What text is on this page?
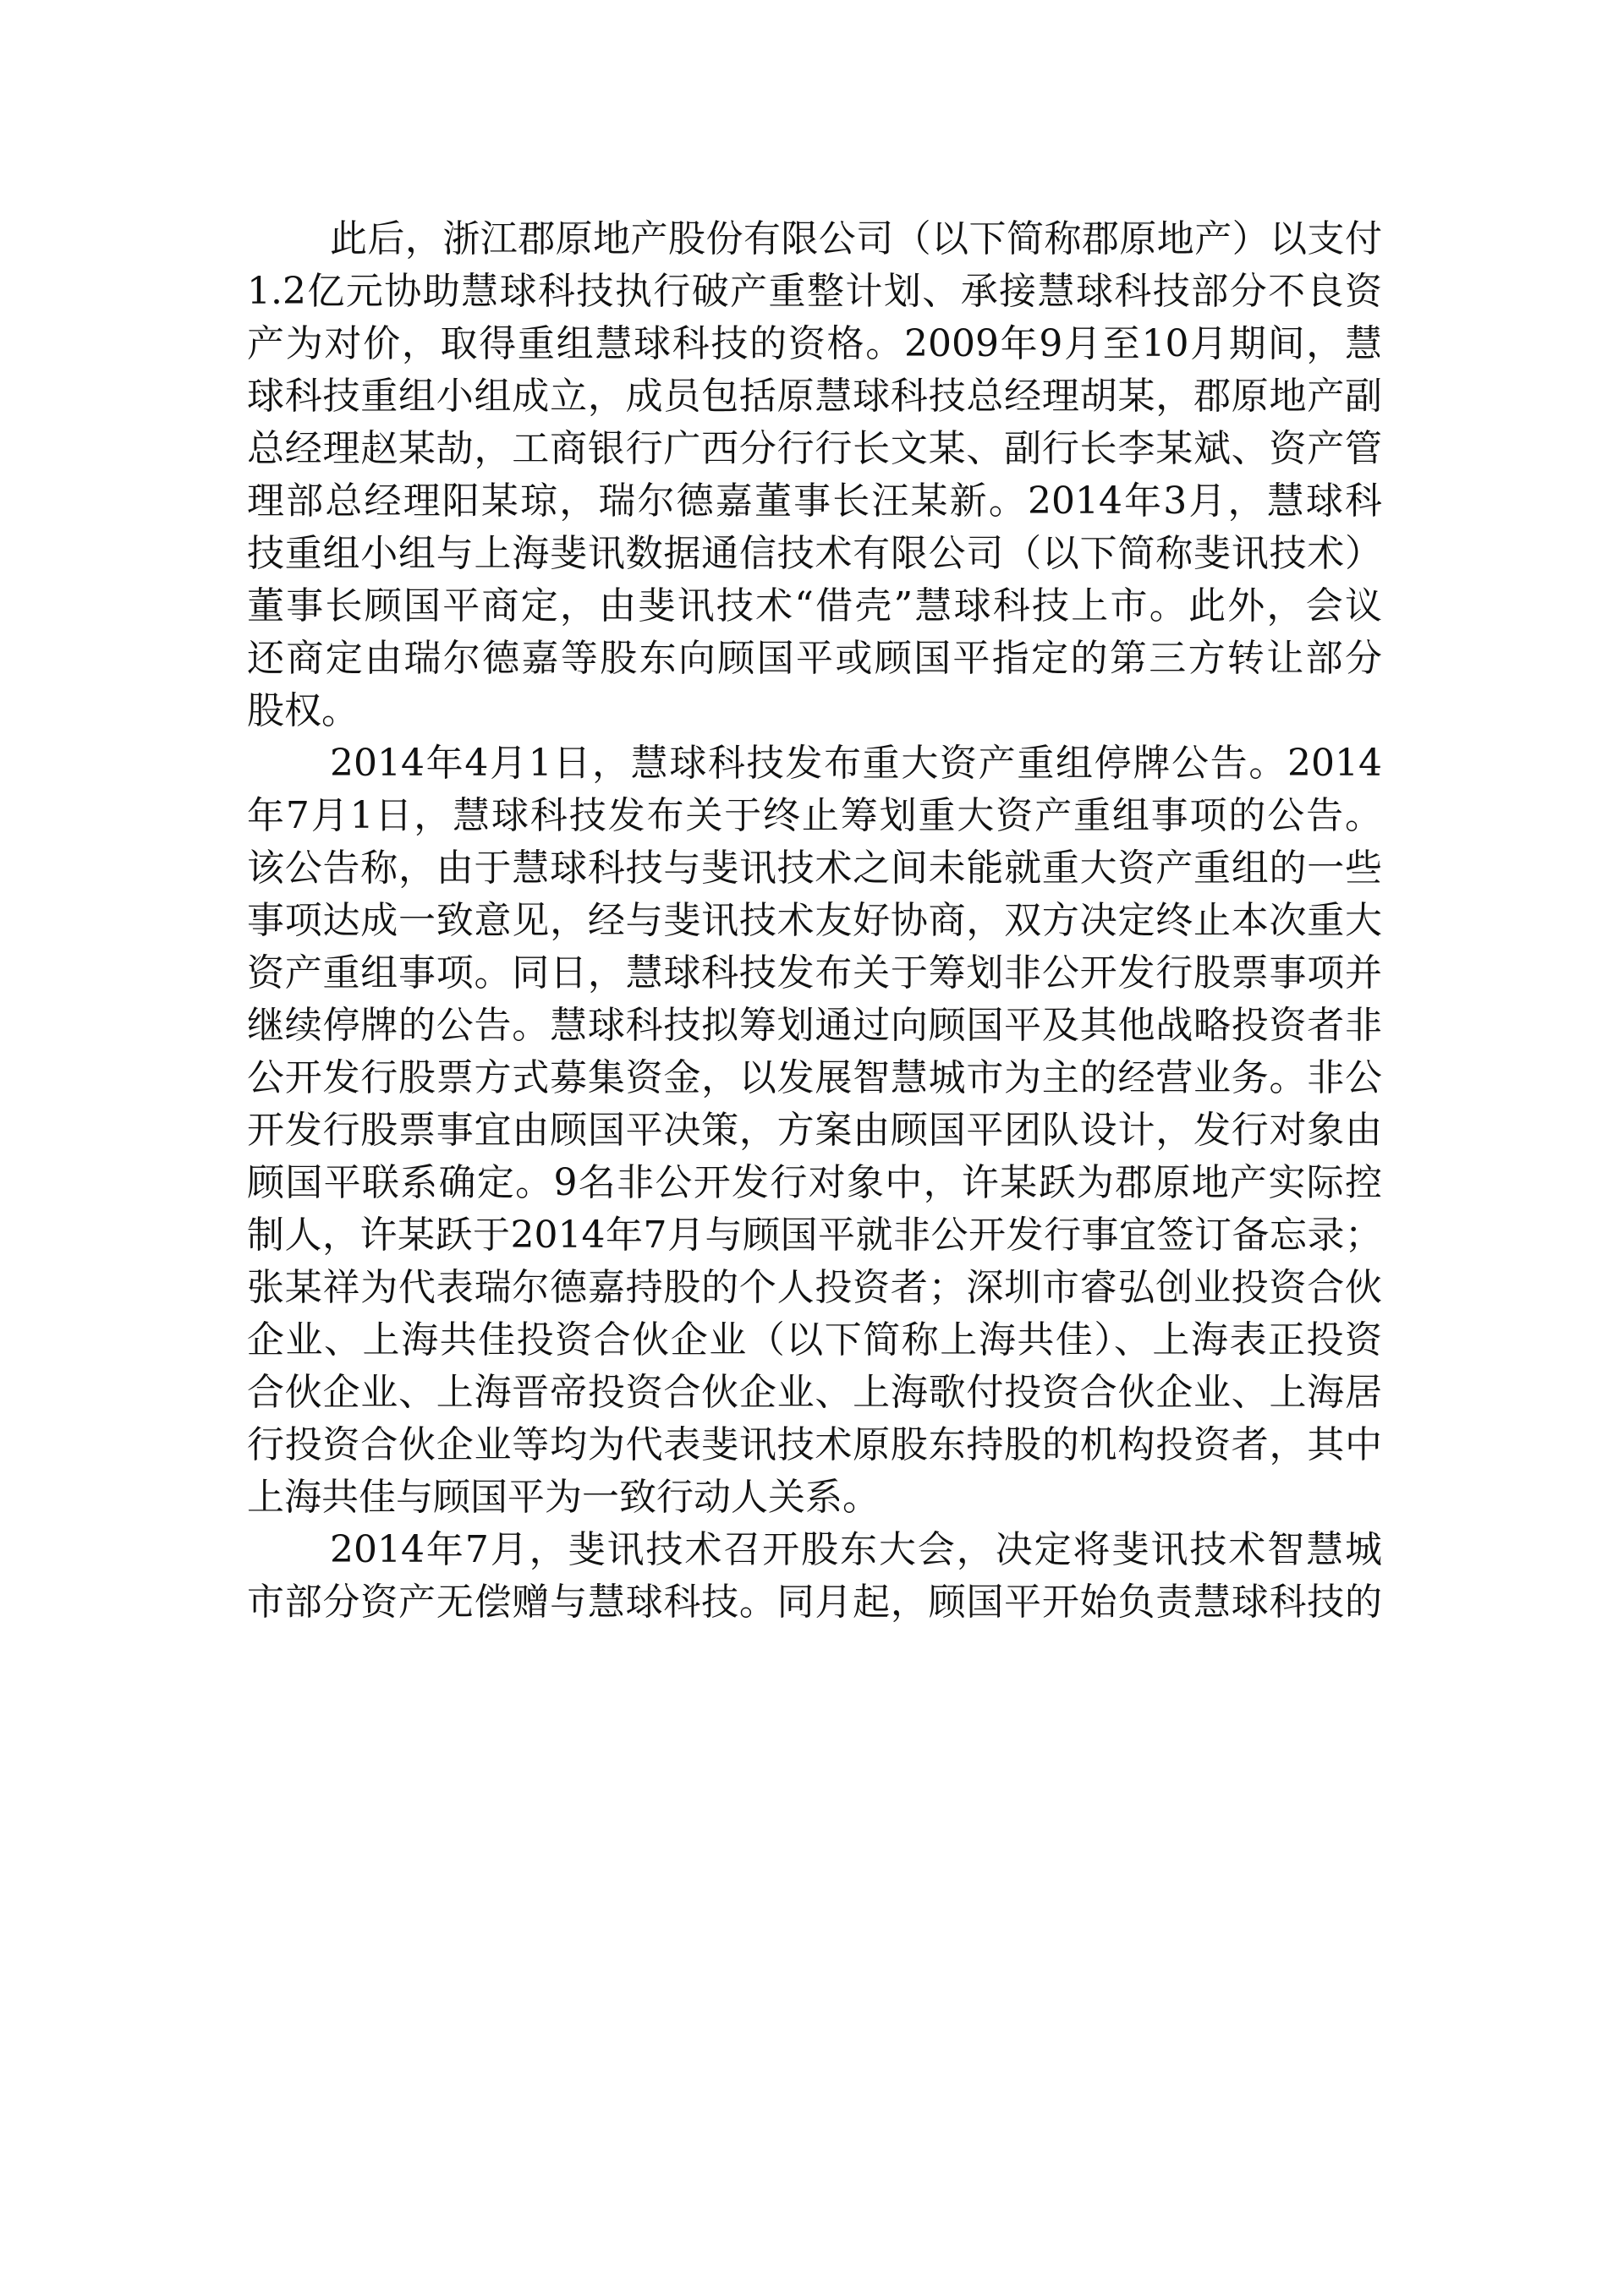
此后，浙江郡原地产股份有限公司（以下简称郡原地产）以支付
1.2亿元协助慧球科技执行破产重整计划、承接慧球科技部分不良资
产为对价，取得重组慧球科技的资格。2009年9月至10月期间，慧
球科技重组小组成立，成员包括原慧球科技总经理胡某，郡原地产副
总经理赵某劼，工商银行广西分行行长文某、副行长李某斌、资产管
理部总经理阳某琼，瑞尔德嘉董事长汪某新。2014年3月，慧球科
技重组小组与上海斐讯数据通信技术有限公司（以下简称斐讯技术）
董事长顾国平商定，由斐讯技术“借壳”慧球科技上市。此外，会议
还商定由瑞尔德嘉等股东向顾国平或顾国平指定的第三方转让部分
股权。
2014年4月1日，慧球科技发布重大资产重组停牌公告。2014
年7月1日，慧球科技发布关于终止筹划重大资产重组事项的公告。
该公告称，由于慧球科技与斐讯技术之间未能就重大资产重组的一些
事项达成一致意见，经与斐讯技术友好协商，双方决定终止本次重大
资产重组事项。同日，慧球科技发布关于筹划非公开发行股票事项并
继续停牌的公告。慧球科技拟筹划通过向顾国平及其他战略投资者非
公开发行股票方式募集资金，以发展智慧城市为主的经营业务。非公
开发行股票事宜由顾国平决策，方案由顾国平团队设计，发行对象由
顾国平联系确定。9名非公开发行对象中，许某跃为郡原地产实际控
制人，许某跃于2014年7月与顾国平就非公开发行事宜签订备忘录；
张某祥为代表瑞尔德嘉持股的个人投资者；深圳市睿弘创业投资合伙
企业、上海共佳投资合伙企业（以下简称上海共佳）、上海表正投资
合伙企业、上海晋帝投资合伙企业、上海歌付投资合伙企业、上海居
行投资合伙企业等均为代表斐讯技术原股东持股的机构投资者，其中
上海共佳与顾国平为一致行动人关系。
2014年7月，斐讯技术召开股东大会，决定将斐讯技术智慧城
市部分资产无偿赠与慧球科技。同月起，顾国平开始负责慧球科技的
